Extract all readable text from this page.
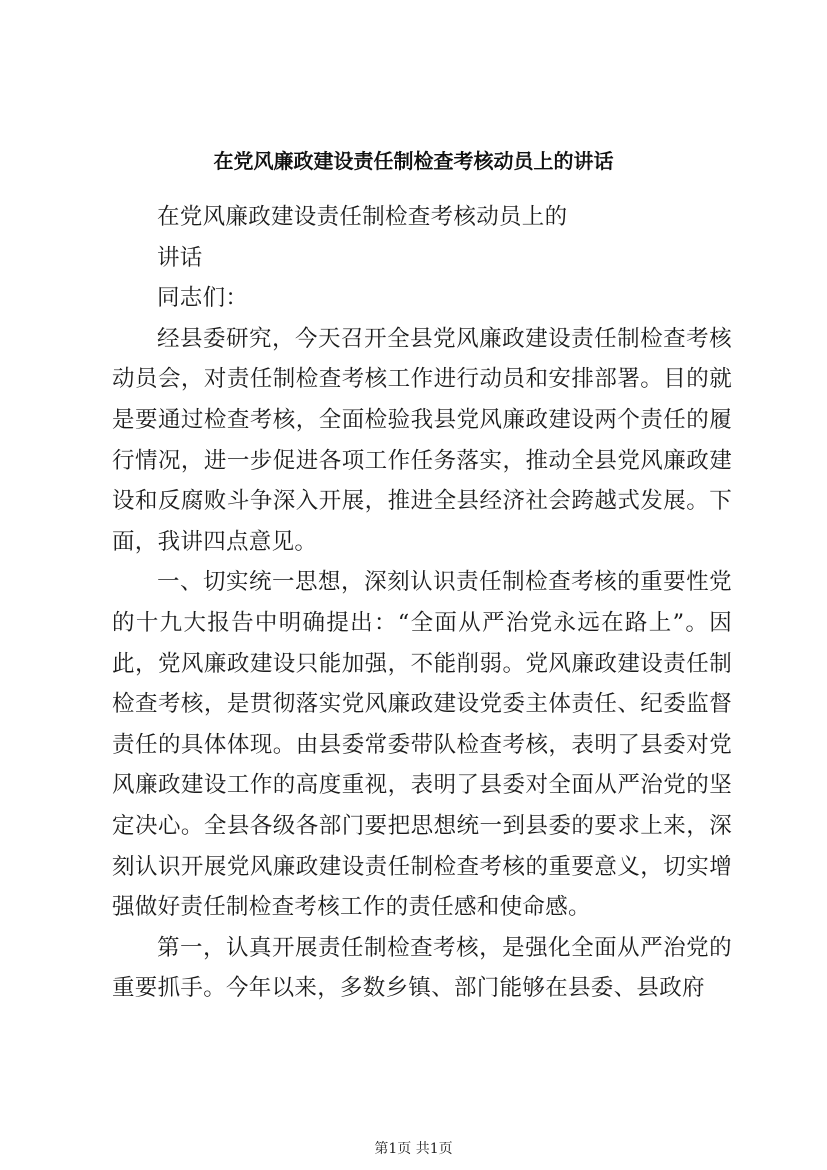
在党风廉政建设责任制检查考核动员上的讲话

在党风廉政建设责任制检查考核动员上的

讲话

同志们：

经县委研究，今天召开全县党风廉政建设责任制检查考核动员会，对责任制检查考核工作进行动员和安排部署。目的就是要通过检查考核，全面检验我县党风廉政建设两个责任的履行情况，进一步促进各项工作任务落实，推动全县党风廉政建设和反腐败斗争深入开展，推进全县经济社会跨越式发展。下面，我讲四点意见。

一、切实统一思想，深刻认识责任制检查考核的重要性党的十九大报告中明确提出：“全面从严治党永远在路上”。因此，党风廉政建设只能加强，不能削弱。党风廉政建设责任制检查考核，是贯彻落实党风廉政建设党委主体责任、纪委监督责任的具体体现。由县委常委带队检查考核，表明了县委对党风廉政建设工作的高度重视，表明了县委对全面从严治党的坚定决心。全县各级各部门要把思想统一到县委的要求上来，深刻认识开展党风廉政建设责任制检查考核的重要意义，切实增强做好责任制检查考核工作的责任感和使命感。

第一，认真开展责任制检查考核，是强化全面从严治党的重要抓手。今年以来，多数乡镇、部门能够在县委、县政府

第1页 共1页
